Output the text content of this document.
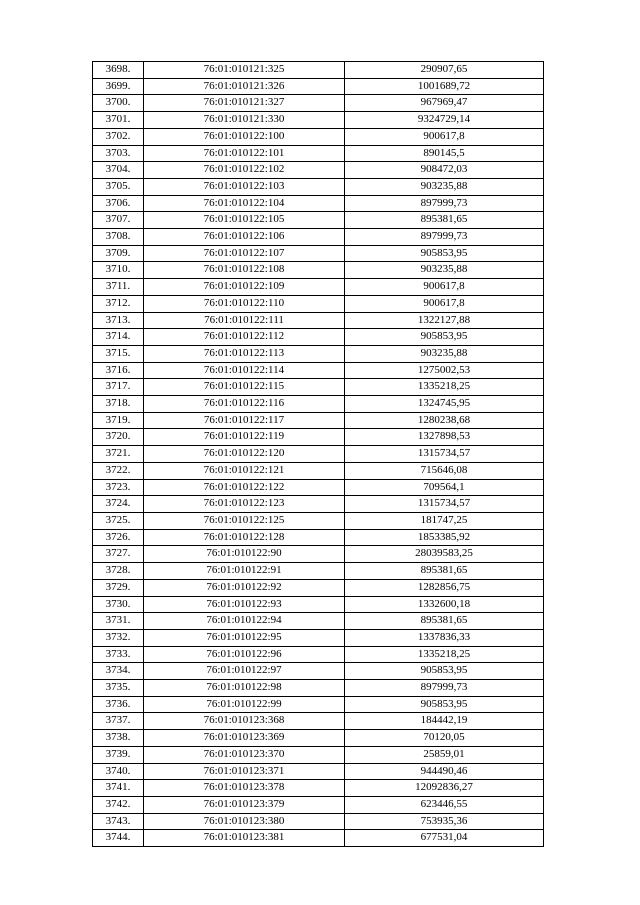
3698.	76:01:010121:325	290907,65
3699.	76:01:010121:326	1001689,72
3700.	76:01:010121:327	967969,47
3701.	76:01:010121:330	9324729,14
3702.	76:01:010122:100	900617,8
3703.	76:01:010122:101	890145,5
3704.	76:01:010122:102	908472,03
3705.	76:01:010122:103	903235,88
3706.	76:01:010122:104	897999,73
3707.	76:01:010122:105	895381,65
3708.	76:01:010122:106	897999,73
3709.	76:01:010122:107	905853,95
3710.	76:01:010122:108	903235,88
3711.	76:01:010122:109	900617,8
3712.	76:01:010122:110	900617,8
3713.	76:01:010122:111	1322127,88
3714.	76:01:010122:112	905853,95
3715.	76:01:010122:113	903235,88
3716.	76:01:010122:114	1275002,53
3717.	76:01:010122:115	1335218,25
3718.	76:01:010122:116	1324745,95
3719.	76:01:010122:117	1280238,68
3720.	76:01:010122:119	1327898,53
3721.	76:01:010122:120	1315734,57
3722.	76:01:010122:121	715646,08
3723.	76:01:010122:122	709564,1
3724.	76:01:010122:123	1315734,57
3725.	76:01:010122:125	181747,25
3726.	76:01:010122:128	1853385,92
3727.	76:01:010122:90	28039583,25
3728.	76:01:010122:91	895381,65
3729.	76:01:010122:92	1282856,75
3730.	76:01:010122:93	1332600,18
3731.	76:01:010122:94	895381,65
3732.	76:01:010122:95	1337836,33
3733.	76:01:010122:96	1335218,25
3734.	76:01:010122:97	905853,95
3735.	76:01:010122:98	897999,73
3736.	76:01:010122:99	905853,95
3737.	76:01:010123:368	184442,19
3738.	76:01:010123:369	70120,05
3739.	76:01:010123:370	25859,01
3740.	76:01:010123:371	944490,46
3741.	76:01:010123:378	12092836,27
3742.	76:01:010123:379	623446,55
3743.	76:01:010123:380	753935,36
3744.	76:01:010123:381	677531,04
